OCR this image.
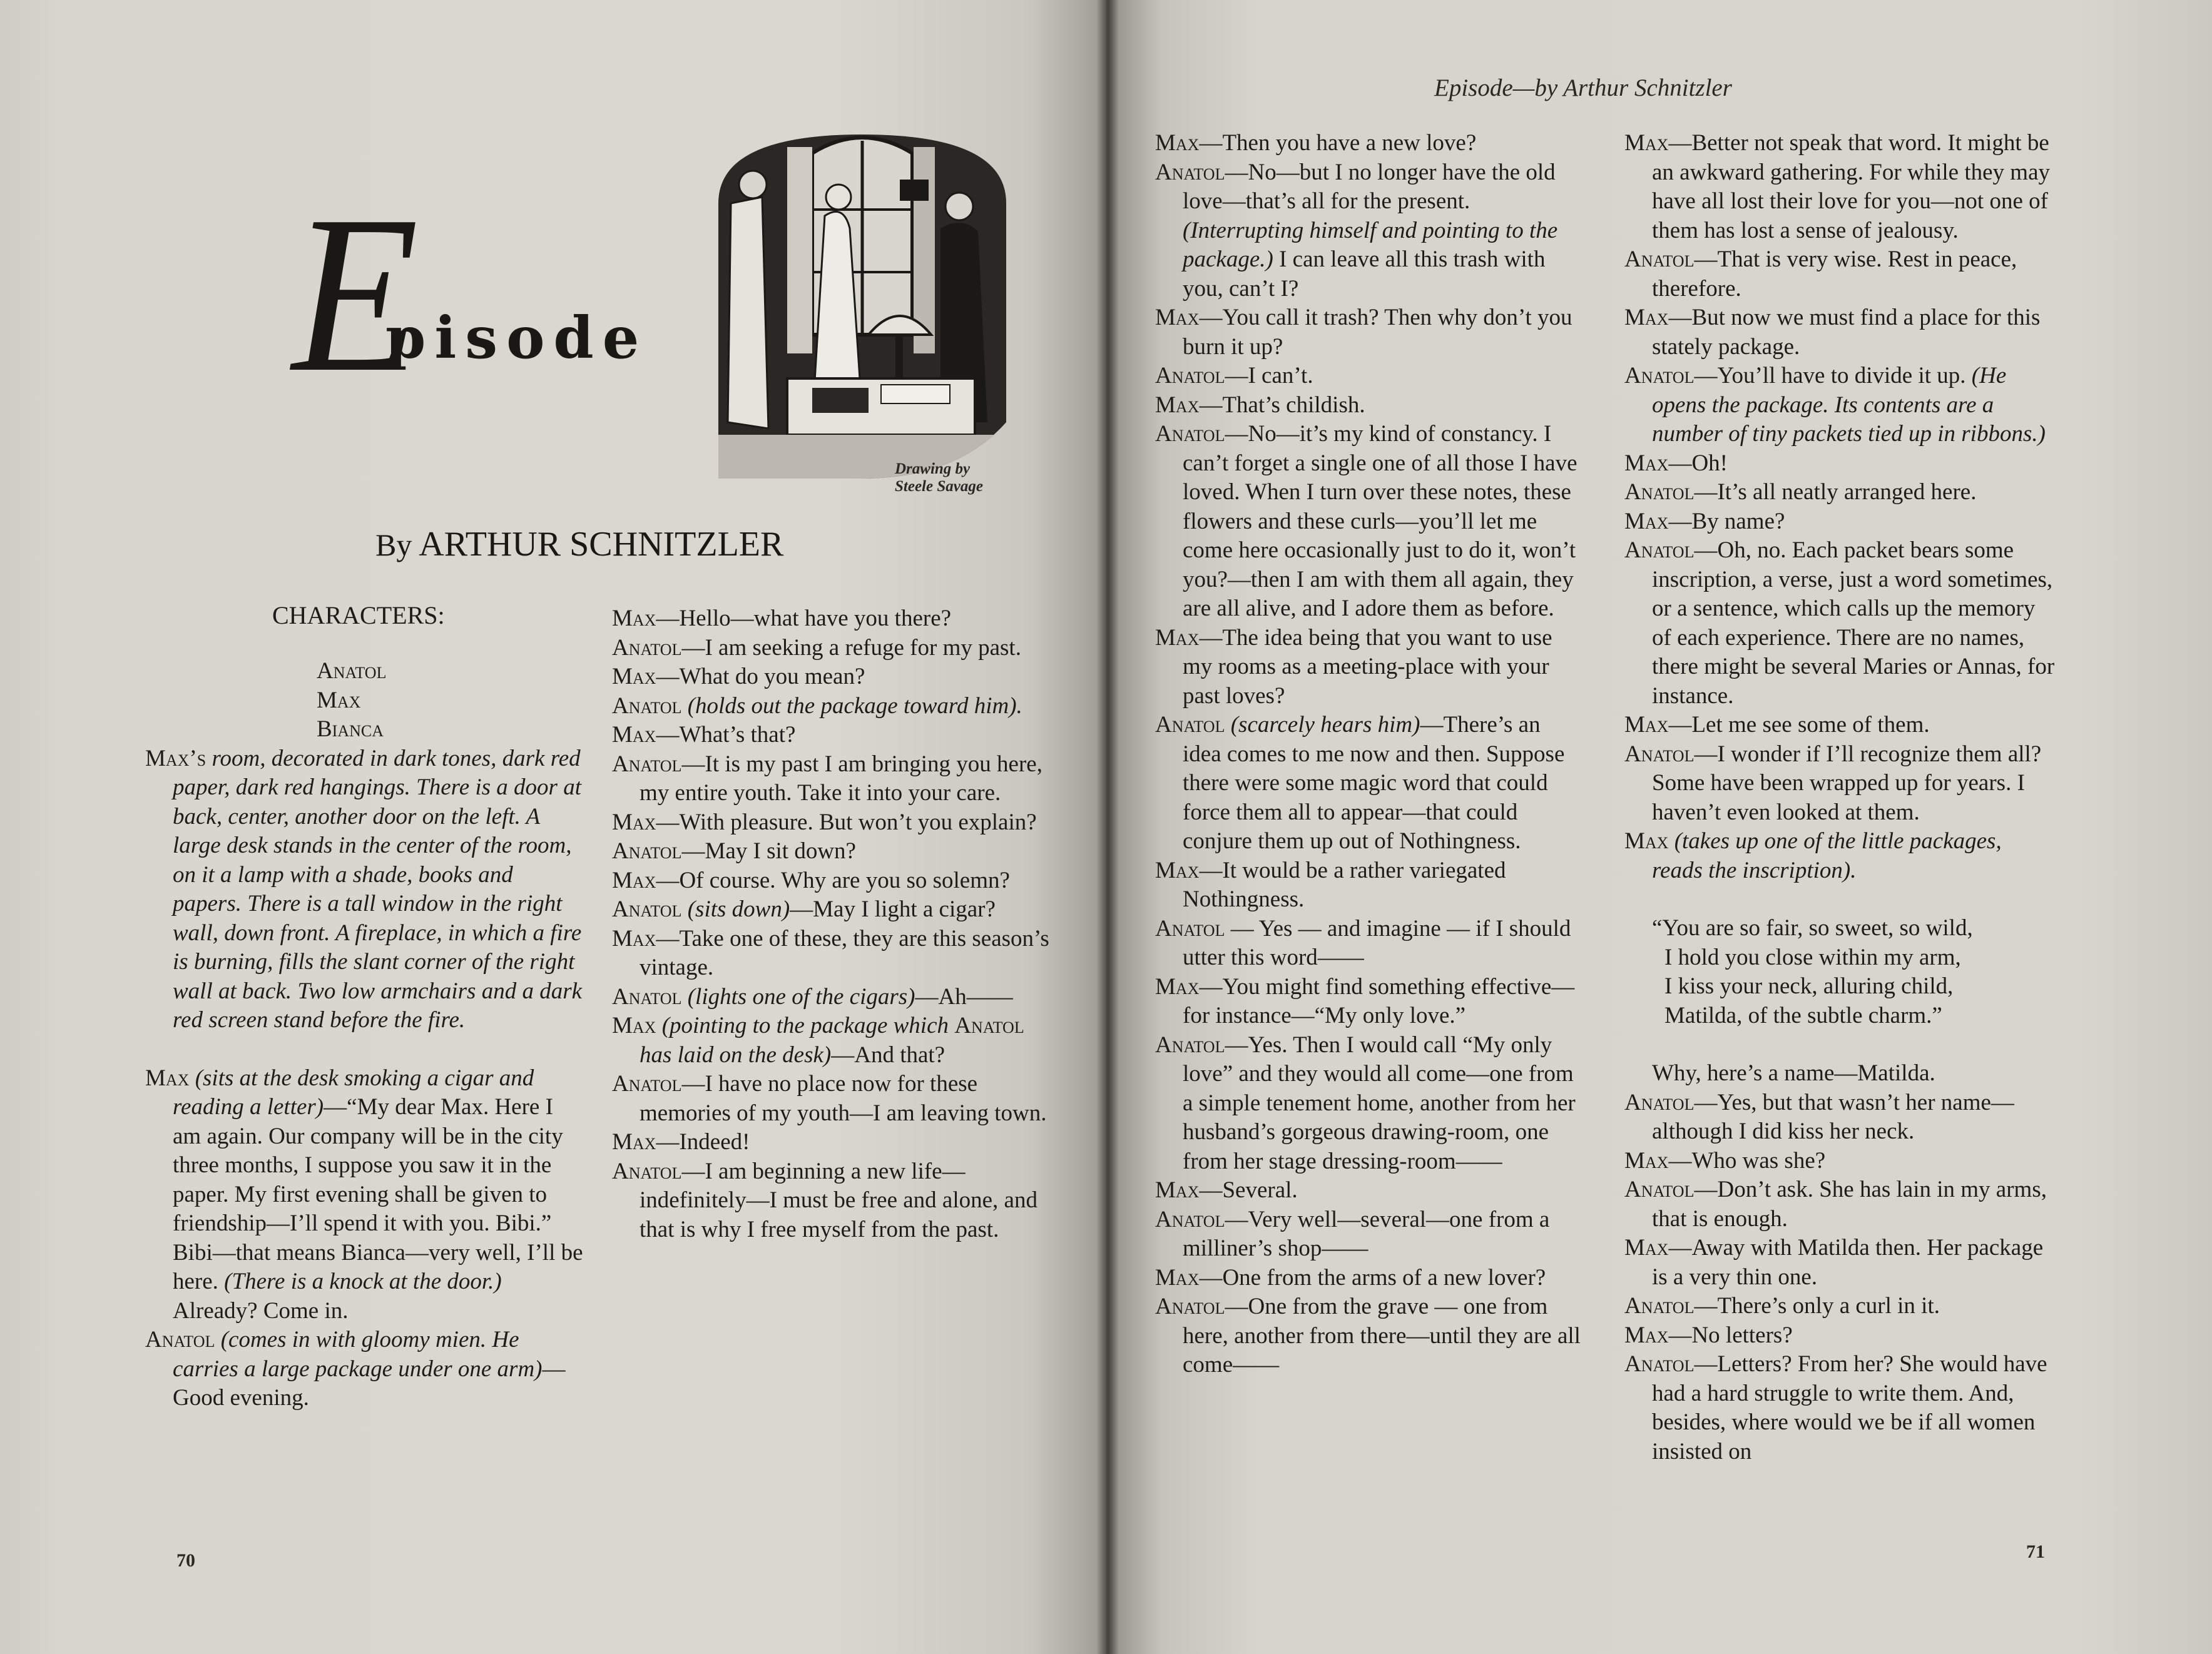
E
pisode
Drawing by
Steele Savage
By ARTHUR SCHNITZLER
CHARACTERS:
Anatol
Max
Bianca

Max’s room, decorated in dark tones, dark red paper, dark red hangings. There is a door at back, center, another door on the left. A large desk stands in the center of the room, on it a lamp with a shade, books and papers. There is a tall window in the right wall, down front. A fireplace, in which a fire is burning, fills the slant corner of the right wall at back. Two low armchairs and a dark red screen stand before the fire.

Max (sits at the desk smoking a cigar and reading a letter)—“My dear Max. Here I am again. Our company will be in the city three months, I suppose you saw it in the paper. My first evening shall be given to friendship—I’ll spend it with you. Bibi.” Bibi—that means Bianca—very well, I’ll be here. (There is a knock at the door.) Already? Come in.

Anatol (comes in with gloomy mien. He carries a large package under one arm)—Good evening.

Max—Hello—what have you there?

Anatol—I am seeking a refuge for my past.

Max—What do you mean?

Anatol (holds out the package toward him).

Max—What’s that?

Anatol—It is my past I am bringing you here, my entire youth. Take it into your care.

Max—With pleasure. But won’t you explain?

Anatol—May I sit down?

Max—Of course. Why are you so solemn?

Anatol (sits down)—May I light a cigar?

Max—Take one of these, they are this season’s vintage.

Anatol (lights one of the cigars)—Ah——

Max (pointing to the package which Anatol has laid on the desk)—And that?

Anatol—I have no place now for these memories of my youth—I am leaving town.

Max—Indeed!

Anatol—I am beginning a new life—indefinitely—I must be free and alone, and that is why I free myself from the past.

70
Episode—by Arthur Schnitzler

Max—Then you have a new love?

Anatol—No—but I no longer have the old love—that’s all for the present. (Interrupting himself and pointing to the package.) I can leave all this trash with you, can’t I?

Max—You call it trash? Then why don’t you burn it up?

Anatol—I can’t.

Max—That’s childish.

Anatol—No—it’s my kind of constancy. I can’t forget a single one of all those I have loved. When I turn over these notes, these flowers and these curls—you’ll let me come here occasionally just to do it, won’t you?—then I am with them all again, they are all alive, and I adore them as before.

Max—The idea being that you want to use my rooms as a meeting-place with your past loves?

Anatol (scarcely hears him)—There’s an idea comes to me now and then. Suppose there were some magic word that could force them all to appear—that could conjure them up out of Nothingness.

Max—It would be a rather variegated Nothingness.

Anatol — Yes — and imagine — if I should utter this word——

Max—You might find something effective—for instance—“My only love.”

Anatol—Yes. Then I would call “My only love” and they would all come—one from a simple tenement home, another from her husband’s gorgeous drawing-room, one from her stage dressing-room——

Max—Several.

Anatol—Very well—several—one from a milliner’s shop——

Max—One from the arms of a new lover?

Anatol—One from the grave — one from here, another from there—until they are all come——

Max—Better not speak that word. It might be an awkward gathering. For while they may have all lost their love for you—not one of them has lost a sense of jealousy.

Anatol—That is very wise. Rest in peace, therefore.

Max—But now we must find a place for this stately package.

Anatol—You’ll have to divide it up. (He opens the package. Its contents are a number of tiny packets tied up in ribbons.)

Max—Oh!

Anatol—It’s all neatly arranged here.

Max—By name?

Anatol—Oh, no. Each packet bears some inscription, a verse, just a word sometimes, or a sentence, which calls up the memory of each experience. There are no names, there might be several Maries or Annas, for instance.

Max—Let me see some of them.

Anatol—I wonder if I’ll recognize them all? Some have been wrapped up for years. I haven’t even looked at them.

Max (takes up one of the little packages, reads the inscription).

“You are so fair, so sweet, so wild,
I hold you close within my arm,
I kiss your neck, alluring child,
Matilda, of the subtle charm.”

Why, here’s a name—Matilda.

Anatol—Yes, but that wasn’t her name—although I did kiss her neck.

Max—Who was she?

Anatol—Don’t ask. She has lain in my arms, that is enough.

Max—Away with Matilda then. Her package is a very thin one.

Anatol—There’s only a curl in it.

Max—No letters?

Anatol—Letters? From her? She would have had a hard struggle to write them. And, besides, where would we be if all women insisted on

71
